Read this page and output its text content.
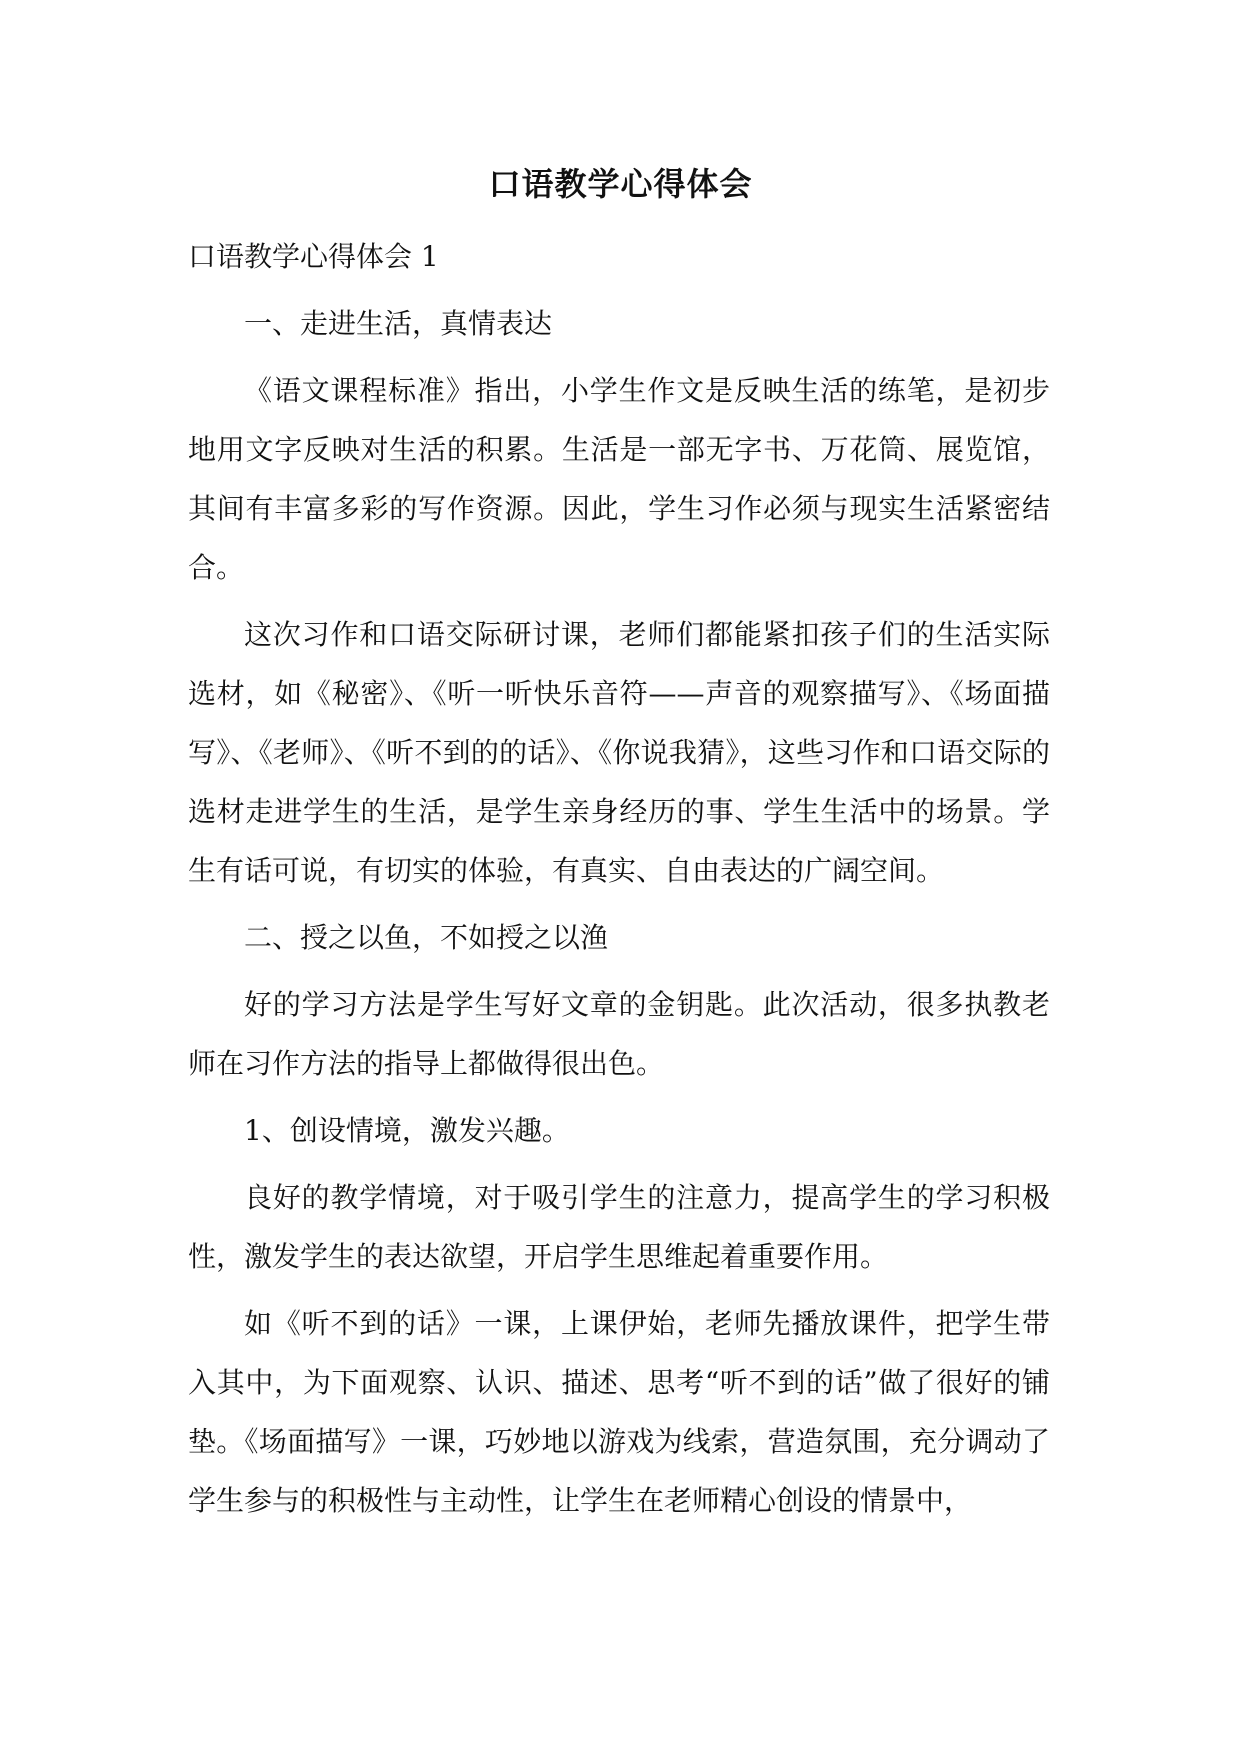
口语教学心得体会

口语教学心得体会 1

一、走进生活，真情表达

《语文课程标准》指出，小学生作文是反映生活的练笔，是初步地用文字反映对生活的积累。生活是一部无字书、万花筒、展览馆，其间有丰富多彩的写作资源。因此，学生习作必须与现实生活紧密结合。

这次习作和口语交际研讨课，老师们都能紧扣孩子们的生活实际选材，如《秘密》、《听一听快乐音符——声音的观察描写》、《场面描写》、《老师》、《听不到的的话》、《你说我猜》，这些习作和口语交际的选材走进学生的生活，是学生亲身经历的事、学生生活中的场景。学生有话可说，有切实的体验，有真实、自由表达的广阔空间。

二、授之以鱼，不如授之以渔

好的学习方法是学生写好文章的金钥匙。此次活动，很多执教老师在习作方法的指导上都做得很出色。

1、创设情境，激发兴趣。

良好的教学情境，对于吸引学生的注意力，提高学生的学习积极性，激发学生的表达欲望，开启学生思维起着重要作用。

如《听不到的话》一课，上课伊始，老师先播放课件，把学生带入其中，为下面观察、认识、描述、思考“听不到的话”做了很好的铺垫。《场面描写》一课，巧妙地以游戏为线索，营造氛围，充分调动了学生参与的积极性与主动性，让学生在老师精心创设的情景中，
